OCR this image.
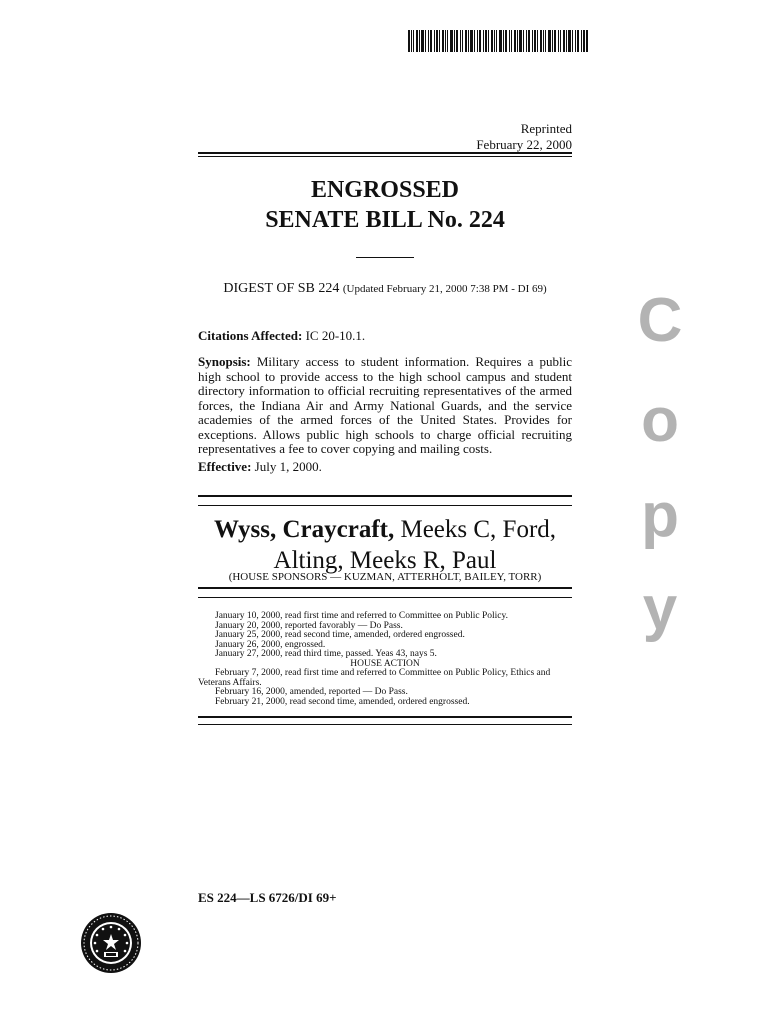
Reprinted
February 22, 2000
ENGROSSED
SENATE BILL No. 224
DIGEST OF SB 224 (Updated February 21, 2000 7:38 PM - DI 69)
Citations Affected: IC 20-10.1.
Synopsis: Military access to student information. Requires a public high school to provide access to the high school campus and student directory information to official recruiting representatives of the armed forces, the Indiana Air and Army National Guards, and the service academies of the armed forces of the United States. Provides for exceptions. Allows public high schools to charge official recruiting representatives a fee to cover copying and mailing costs.
Effective: July 1, 2000.
Wyss, Craycraft, Meeks C, Ford,
Alting, Meeks R, Paul
(HOUSE SPONSORS — KUZMAN, ATTERHOLT, BAILEY, TORR)
January 10, 2000, read first time and referred to Committee on Public Policy.
January 20, 2000, reported favorably — Do Pass.
January 25, 2000, read second time, amended, ordered engrossed.
January 26, 2000, engrossed.
January 27, 2000, read third time, passed. Yeas 43, nays 5.
HOUSE ACTION
February 7, 2000, read first time and referred to Committee on Public Policy, Ethics and Veterans Affairs.
February 16, 2000, amended, reported — Do Pass.
February 21, 2000, read second time, amended, ordered engrossed.
ES 224—LS 6726/DI 69+
C
o
p
y
